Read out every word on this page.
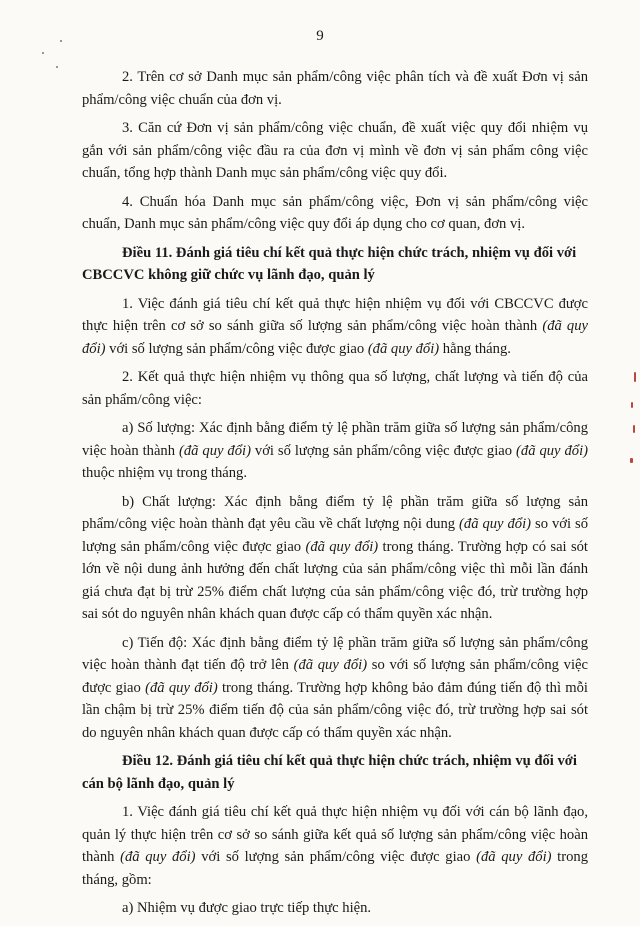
9

2. Trên cơ sở Danh mục sản phẩm/công việc phân tích và đề xuất Đơn vị sản phẩm/công việc chuẩn của đơn vị.

3. Căn cứ Đơn vị sản phẩm/công việc chuẩn, đề xuất việc quy đổi nhiệm vụ gắn với sản phẩm/công việc đầu ra của đơn vị mình về đơn vị sản phẩm công việc chuẩn, tổng hợp thành Danh mục sản phẩm/công việc quy đổi.

4. Chuẩn hóa Danh mục sản phẩm/công việc, Đơn vị sản phẩm/công việc chuẩn, Danh mục sản phẩm/công việc quy đổi áp dụng cho cơ quan, đơn vị.

Điều 11. Đánh giá tiêu chí kết quả thực hiện chức trách, nhiệm vụ đối với
CBCCVC không giữ chức vụ lãnh đạo, quản lý

1. Việc đánh giá tiêu chí kết quả thực hiện nhiệm vụ đối với CBCCVC được thực hiện trên cơ sở so sánh giữa số lượng sản phẩm/công việc hoàn thành (đã quy đổi) với số lượng sản phẩm/công việc được giao (đã quy đổi) hằng tháng.

2. Kết quả thực hiện nhiệm vụ thông qua số lượng, chất lượng và tiến độ của sản phẩm/công việc:

a) Số lượng: Xác định bằng điểm tỷ lệ phần trăm giữa số lượng sản phẩm/công việc hoàn thành (đã quy đổi) với số lượng sản phẩm/công việc được giao (đã quy đổi) thuộc nhiệm vụ trong tháng.

b) Chất lượng: Xác định bằng điểm tỷ lệ phần trăm giữa số lượng sản phẩm/công việc hoàn thành đạt yêu cầu về chất lượng nội dung (đã quy đổi) so với số lượng sản phẩm/công việc được giao (đã quy đổi) trong tháng. Trường hợp có sai sót lớn về nội dung ảnh hưởng đến chất lượng của sản phẩm/công việc thì mỗi lần đánh giá chưa đạt bị trừ 25% điểm chất lượng của sản phẩm/công việc đó, trừ trường hợp sai sót do nguyên nhân khách quan được cấp có thẩm quyền xác nhận.

c) Tiến độ: Xác định bằng điểm tỷ lệ phần trăm giữa số lượng sản phẩm/công việc hoàn thành đạt tiến độ trở lên (đã quy đổi) so với số lượng sản phẩm/công việc được giao (đã quy đổi) trong tháng. Trường hợp không bảo đảm đúng tiến độ thì mỗi lần chậm bị trừ 25% điểm tiến độ của sản phẩm/công việc đó, trừ trường hợp sai sót do nguyên nhân khách quan được cấp có thẩm quyền xác nhận.

Điều 12. Đánh giá tiêu chí kết quả thực hiện chức trách, nhiệm vụ đối với
cán bộ lãnh đạo, quản lý

1. Việc đánh giá tiêu chí kết quả thực hiện nhiệm vụ đối với cán bộ lãnh đạo, quản lý thực hiện trên cơ sở so sánh giữa kết quả số lượng sản phẩm/công việc hoàn thành (đã quy đổi) với số lượng sản phẩm/công việc được giao (đã quy đổi) trong tháng, gồm:

a) Nhiệm vụ được giao trực tiếp thực hiện.
